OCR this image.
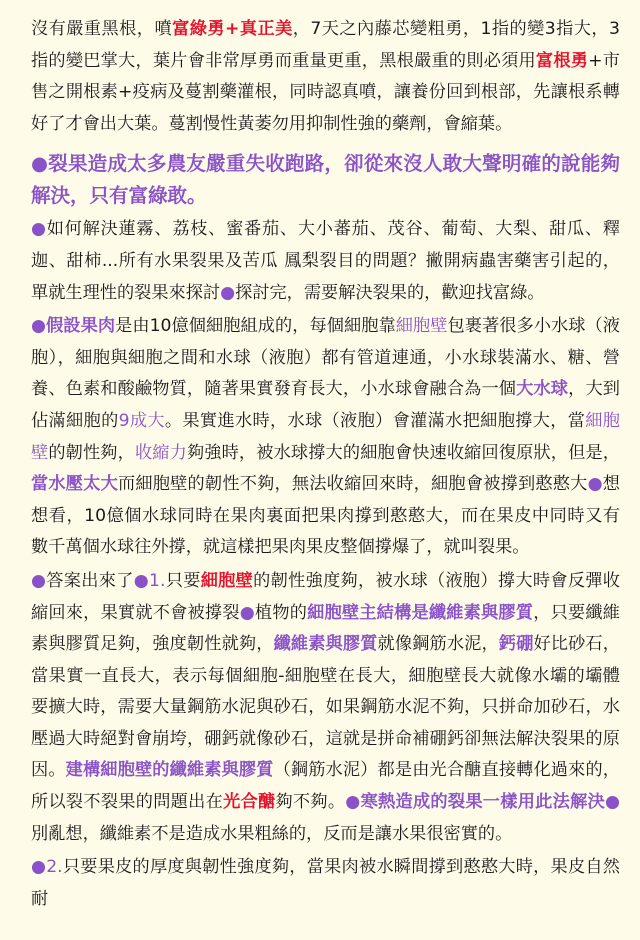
沒有嚴重黑根，噴富綠勇+真正美，7天之內藤芯變粗勇，1指的變3指大，3指的變巴掌大，葉片會非常厚勇而重量更重，黑根嚴重的則必須用富根勇+市售之開根素+疫病及蔓割藥灌根，同時認真噴，讓養份回到根部，先讓根系轉好了才會出大葉。蔓割慢性黃萎勿用抑制性強的藥劑，會縮葉。

●裂果造成太多農友嚴重失收跑路，卻從來沒人敢大聲明確的說能夠解決，只有富綠敢。

●如何解決蓮霧、荔枝、蜜番茄、大小蕃茄、茂谷、葡萄、大梨、甜瓜、釋迦、甜柿...所有水果裂果及苦瓜 鳳梨裂目的問題？撇開病蟲害藥害引起的，單就生理性的裂果來探討●探討完，需要解決裂果的，歡迎找富綠。

●假設果肉是由10億個細胞組成的，每個細胞靠細胞壁包裹著很多小水球（液胞），細胞與細胞之間和水球（液胞）都有管道連通，小水球裝滿水、糖、營養、色素和酸鹼物質，隨著果實發育長大，小水球會融合為一個大水球，大到佔滿細胞的9成大。果實進水時，水球（液胞）會灌滿水把細胞撐大，當細胞壁的韌性夠，收縮力夠強時，被水球撐大的細胞會快速收縮回復原狀，但是，當水壓太大而細胞壁的韌性不夠，無法收縮回來時，細胞會被撐到憨憨大●想想看，10億個水球同時在果肉裏面把果肉撐到憨憨大，而在果皮中同時又有數千萬個水球往外撐，就這樣把果肉果皮整個撐爆了，就叫裂果。

●答案出來了●1.只要細胞壁的韌性強度夠，被水球（液胞）撐大時會反彈收縮回來，果實就不會被撐裂●植物的細胞壁主結構是纖維素與膠質，只要纖維素與膠質足夠，強度韌性就夠，纖維素與膠質就像鋼筋水泥，鈣硼好比砂石，當果實一直長大，表示每個細胞-細胞壁在長大，細胞壁長大就像水壩的壩體要擴大時，需要大量鋼筋水泥與砂石，如果鋼筋水泥不夠，只拼命加砂石，水壓過大時絕對會崩垮，硼鈣就像砂石，這就是拼命補硼鈣卻無法解決裂果的原因。建構細胞壁的纖維素與膠質（鋼筋水泥）都是由光合醣直接轉化過來的，所以裂不裂果的問題出在光合醣夠不夠。●寒熱造成的裂果一樣用此法解決●別亂想，纖維素不是造成水果粗絲的，反而是讓水果很密實的。

●2.只要果皮的厚度與韌性強度夠，當果肉被水瞬間撐到憨憨大時，果皮自然耐
